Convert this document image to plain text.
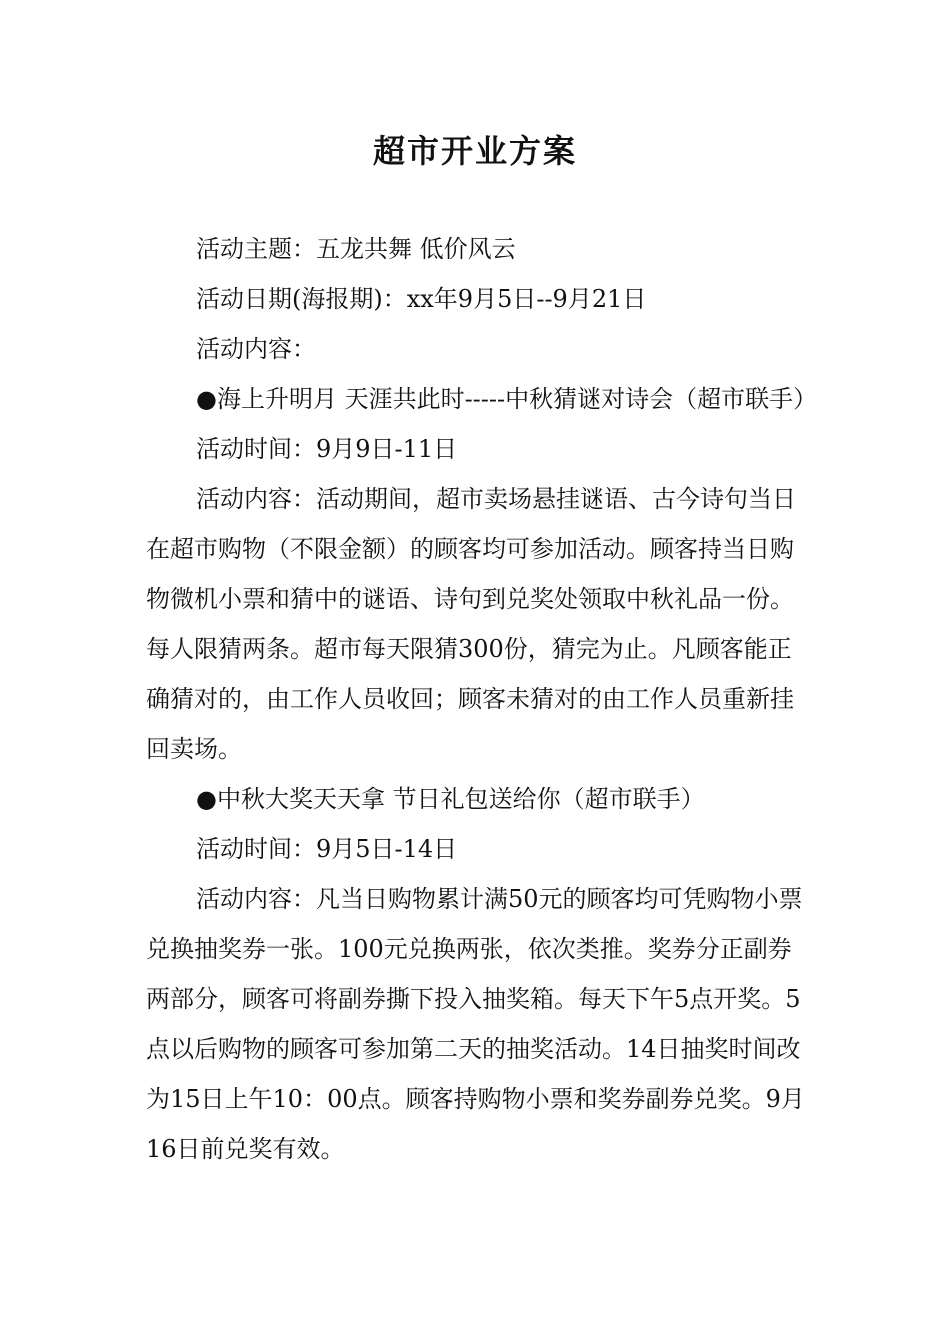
超市开业方案

活动主题：五龙共舞 低价风云

活动日期(海报期)：xx年9月5日--9月21日

活动内容：

●海上升明月 天涯共此时-----中秋猜谜对诗会（超市联手）

活动时间：9月9日-11日

活动内容：活动期间，超市卖场悬挂谜语、古今诗句当日在超市购物（不限金额）的顾客均可参加活动。顾客持当日购物微机小票和猜中的谜语、诗句到兑奖处领取中秋礼品一份。每人限猜两条。超市每天限猜300份，猜完为止。凡顾客能正确猜对的，由工作人员收回；顾客未猜对的由工作人员重新挂回卖场。

●中秋大奖天天拿 节日礼包送给你（超市联手）

活动时间：9月5日-14日

活动内容：凡当日购物累计满50元的顾客均可凭购物小票兑换抽奖券一张。100元兑换两张，依次类推。奖券分正副券两部分，顾客可将副券撕下投入抽奖箱。每天下午5点开奖。5点以后购物的顾客可参加第二天的抽奖活动。14日抽奖时间改为15日上午10：00点。顾客持购物小票和奖券副券兑奖。9月16日前兑奖有效。
